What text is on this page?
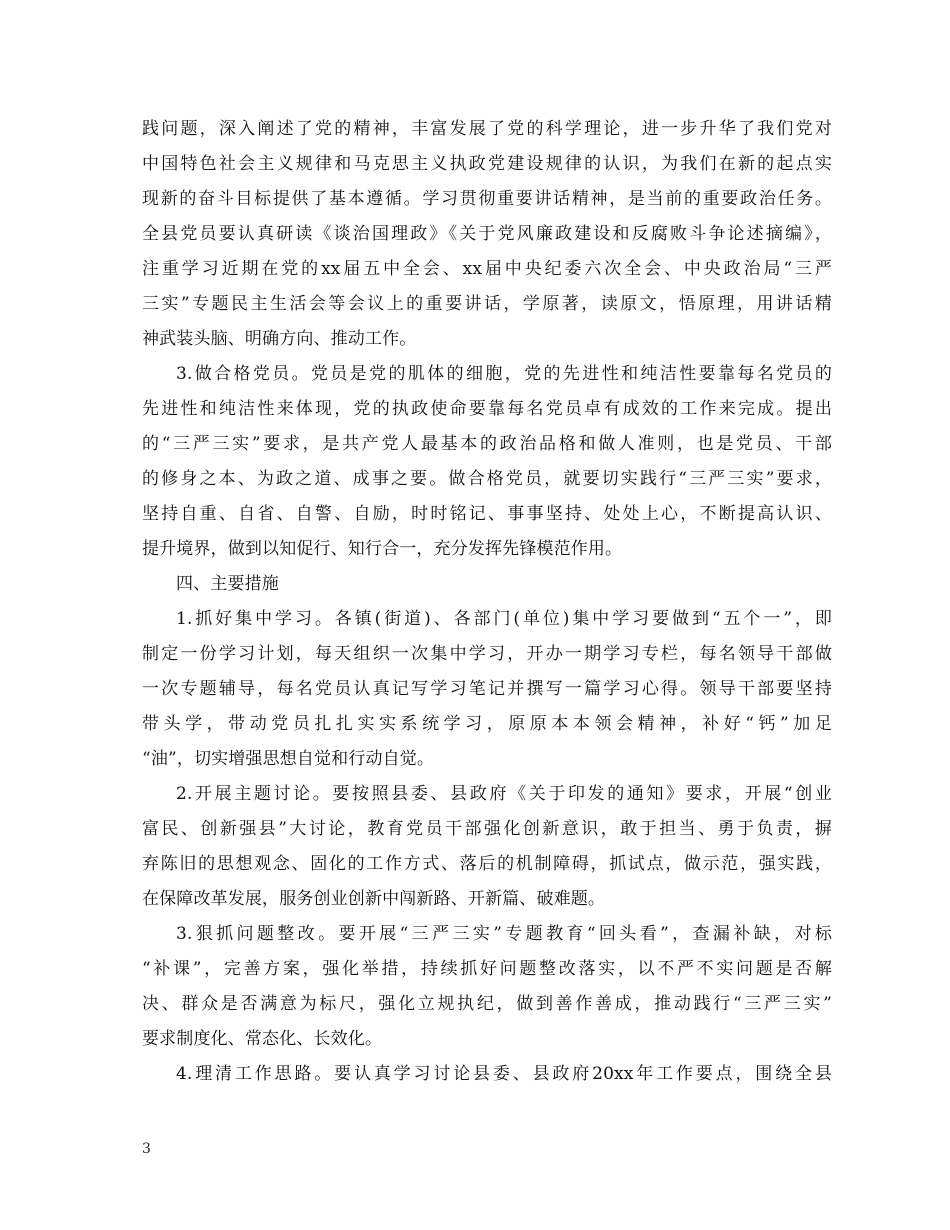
践问题，深入阐述了党的精神，丰富发展了党的科学理论，进一步升华了我们党对
中国特色社会主义规律和马克思主义执政党建设规律的认识，为我们在新的起点实
现新的奋斗目标提供了基本遵循。学习贯彻重要讲话精神，是当前的重要政治任务。
全县党员要认真研读《谈治国理政》《关于党风廉政建设和反腐败斗争论述摘编》，
注重学习近期在党的xx届五中全会、xx届中央纪委六次全会、中央政治局“三严
三实”专题民主生活会等会议上的重要讲话，学原著，读原文，悟原理，用讲话精
神武装头脑、明确方向、推动工作。
3.做合格党员。党员是党的肌体的细胞，党的先进性和纯洁性要靠每名党员的
先进性和纯洁性来体现，党的执政使命要靠每名党员卓有成效的工作来完成。提出
的“三严三实”要求，是共产党人最基本的政治品格和做人准则，也是党员、干部
的修身之本、为政之道、成事之要。做合格党员，就要切实践行“三严三实”要求，
坚持自重、自省、自警、自励，时时铭记、事事坚持、处处上心，不断提高认识、
提升境界，做到以知促行、知行合一，充分发挥先锋模范作用。
四、主要措施
1.抓好集中学习。各镇(街道)、各部门(单位)集中学习要做到“五个一”，即
制定一份学习计划，每天组织一次集中学习，开办一期学习专栏，每名领导干部做
一次专题辅导，每名党员认真记写学习笔记并撰写一篇学习心得。领导干部要坚持
带头学，带动党员扎扎实实系统学习，原原本本领会精神，补好“钙”加足
“油”，切实增强思想自觉和行动自觉。
2.开展主题讨论。要按照县委、县政府《关于印发的通知》要求，开展“创业
富民、创新强县”大讨论，教育党员干部强化创新意识，敢于担当、勇于负责，摒
弃陈旧的思想观念、固化的工作方式、落后的机制障碍，抓试点，做示范，强实践，
在保障改革发展，服务创业创新中闯新路、开新篇、破难题。
3.狠抓问题整改。要开展“三严三实”专题教育“回头看”，查漏补缺，对标
“补课”，完善方案，强化举措，持续抓好问题整改落实，以不严不实问题是否解
决、群众是否满意为标尺，强化立规执纪，做到善作善成，推动践行“三严三实”
要求制度化、常态化、长效化。
4.理清工作思路。要认真学习讨论县委、县政府20xx年工作要点，围绕全县
3
